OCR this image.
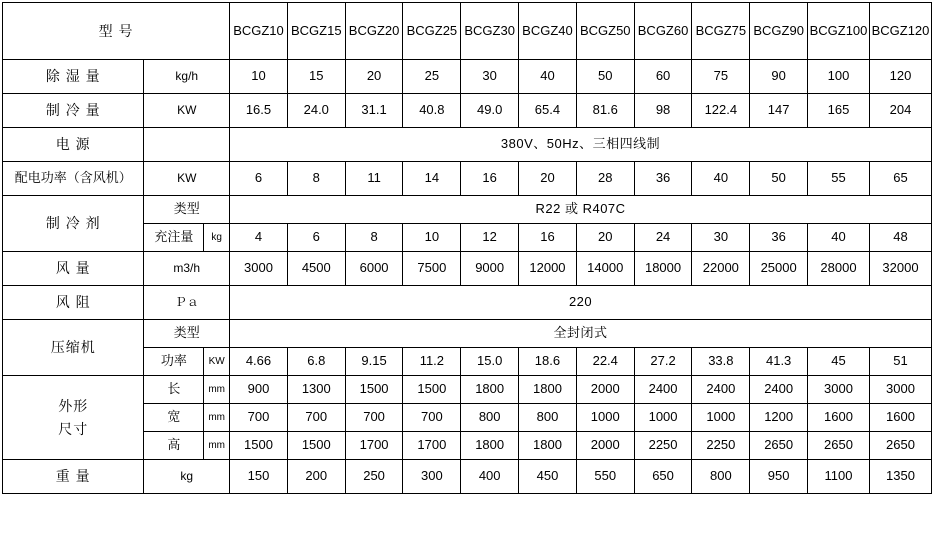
型 号			BCGZ10	BCGZ15	BCGZ20	BCGZ25	BCGZ30	BCGZ40	BCGZ50	BCGZ60	BCGZ75	BCGZ90	BCGZ100	BCGZ120
除 湿 量	kg/h		10	15	20	25	30	40	50	60	75	90	100	120
制 冷 量	KW		16.5	24.0	31.1	40.8	49.0	65.4	81.6	98	122.4	147	165	204
电 源			380V、50Hz、三相四线制											
配电功率（含风机）	KW		6	8	11	14	16	20	28	36	40	50	55	65
制 冷 剂	类型		R22 或 R407C											
	充注量	kg	4	6	8	10	12	16	20	24	30	36	40	48
风 量	m3/h		3000	4500	6000	7500	9000	12000	14000	18000	22000	25000	28000	32000
风 阻	Ｐａ		220											
压缩机	类型		全封闭式											
	功率	KW	4.66	6.8	9.15	11.2	15.0	18.6	22.4	27.2	33.8	41.3	45	51

外形
尺寸	长	mm	900	1300	1500	1500	1800	1800	2000	2400	2400	2400	3000	3000
	宽	mm	700	700	700	700	800	800	1000	1000	1000	1200	1600	1600
	高	mm	1500	1500	1700	1700	1800	1800	2000	2250	2250	2650	2650	2650
重 量	kg		150	200	250	300	400	450	550	650	800	950	1100	1350
